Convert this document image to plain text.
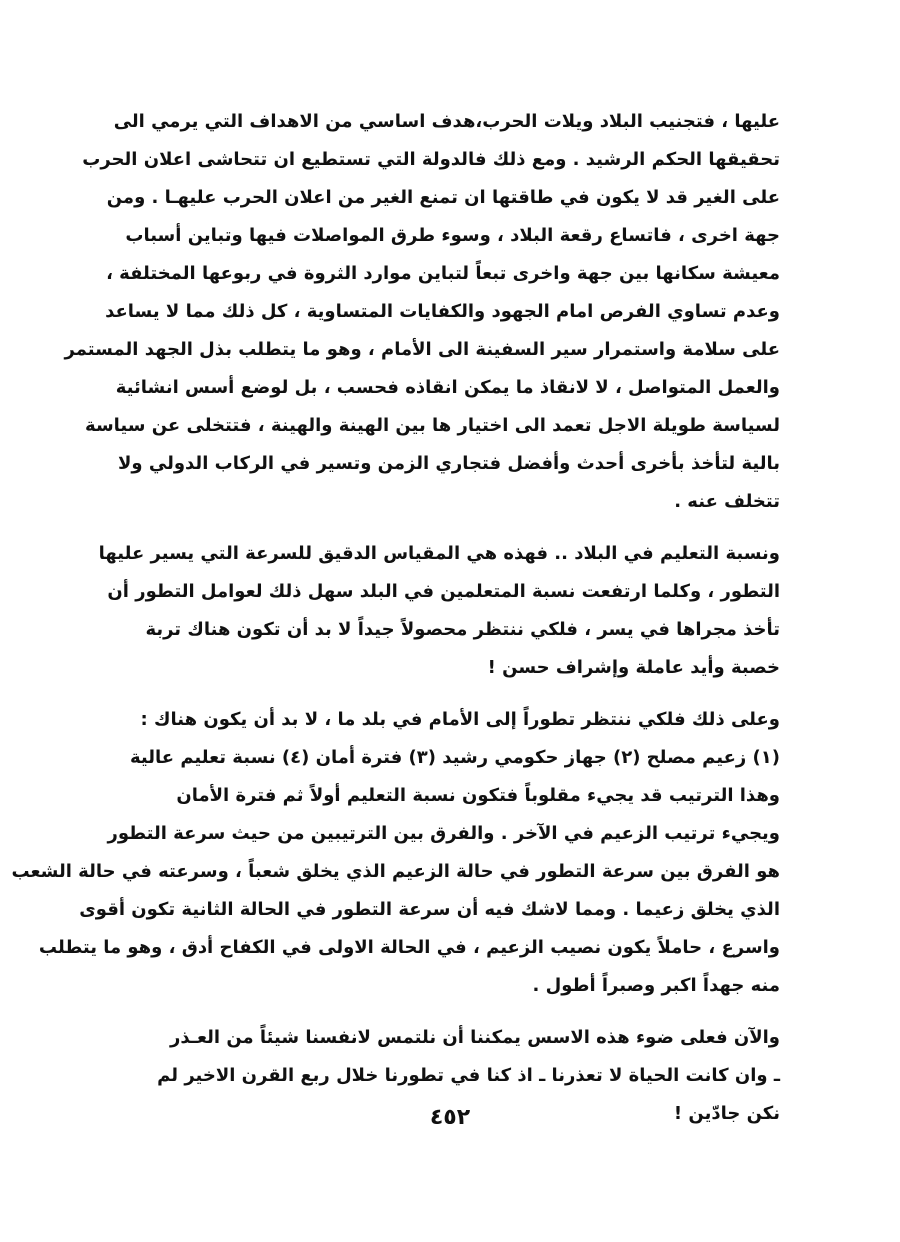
عليها ، فتجنيب البلاد ويلات الحرب،هدف اساسي من الاهداف التي يرمي الى
تحقيقها الحكم الرشيد . ومع ذلك فالدولة التي تستطيع ان تتحاشى اعلان الحرب
على الغير قد لا يكون في طاقتها ان تمنع الغير من اعلان الحرب عليهـا . ومن
جهة اخرى ، فاتساع رقعة البلاد ، وسوء طرق المواصلات فيها وتباين أسباب
معيشة سكانها بين جهة واخرى تبعاً لتباين موارد الثروة في ربوعها المختلفة ،
وعدم تساوي الفرص امام الجهود والكفايات المتساوية ، كل ذلك مما لا يساعد
على سلامة واستمرار سير السفينة الى الأمام ، وهو ما يتطلب بذل الجهد المستمر
والعمل المتواصل ، لا لانقاذ ما يمكن انقاذه فحسب ، بل لوضع أسس انشائية
لسياسة طويلة الاجل تعمد الى اختيار ها بين الهينة والهينة ، فتتخلى عن سياسة
بالية لتأخذ بأخرى أحدث وأفضل فتجاري الزمن وتسير في الركاب الدولي ولا
تتخلف عنه .
ونسبة التعليم في البلاد .. فهذه هي المقياس الدقيق للسرعة التي يسير عليها
التطور ، وكلما ارتفعت نسبة المتعلمين في البلد سهل ذلك لعوامل التطور أن
تأخذ مجراها في يسر ، فلكي ننتظر محصولاً جيداً لا بد أن تكون هناك تربة
خصبة وأيد عاملة وإشراف حسن !
وعلى ذلك فلكي ننتظر تطوراً إلى الأمام في بلد ما ، لا بد أن يكون هناك :
(١) زعيم مصلح (٢) جهاز حكومي رشيد (٣) فترة أمان (٤) نسبة تعليم عالية
وهذا الترتيب قد يجيء مقلوباً فتكون نسبة التعليم أولاً ثم فترة الأمان
ويجيء ترتيب الزعيم في الآخر . والفرق بين الترتيبين من حيث سرعة التطور
هو الفرق بين سرعة التطور في حالة الزعيم الذي يخلق شعباً ، وسرعته في حالة الشعب
الذي يخلق زعيما . ومما لاشك فيه أن سرعة التطور في الحالة الثانية تكون أقوى
واسرع ، حاملاً يكون نصيب الزعيم ، في الحالة الاولى في الكفاح أدق ، وهو ما يتطلب
منه جهداً اكبر وصبراً أطول .
والآن فعلى ضوء هذه الاسس يمكننا أن نلتمس لانفسنا شيئاً من العـذر
ـ وان كانت الحياة لا تعذرنا ـ اذ كنا في تطورنا خلال ربع القرن الاخير لم
نكن جادّين !
٤٥٢
